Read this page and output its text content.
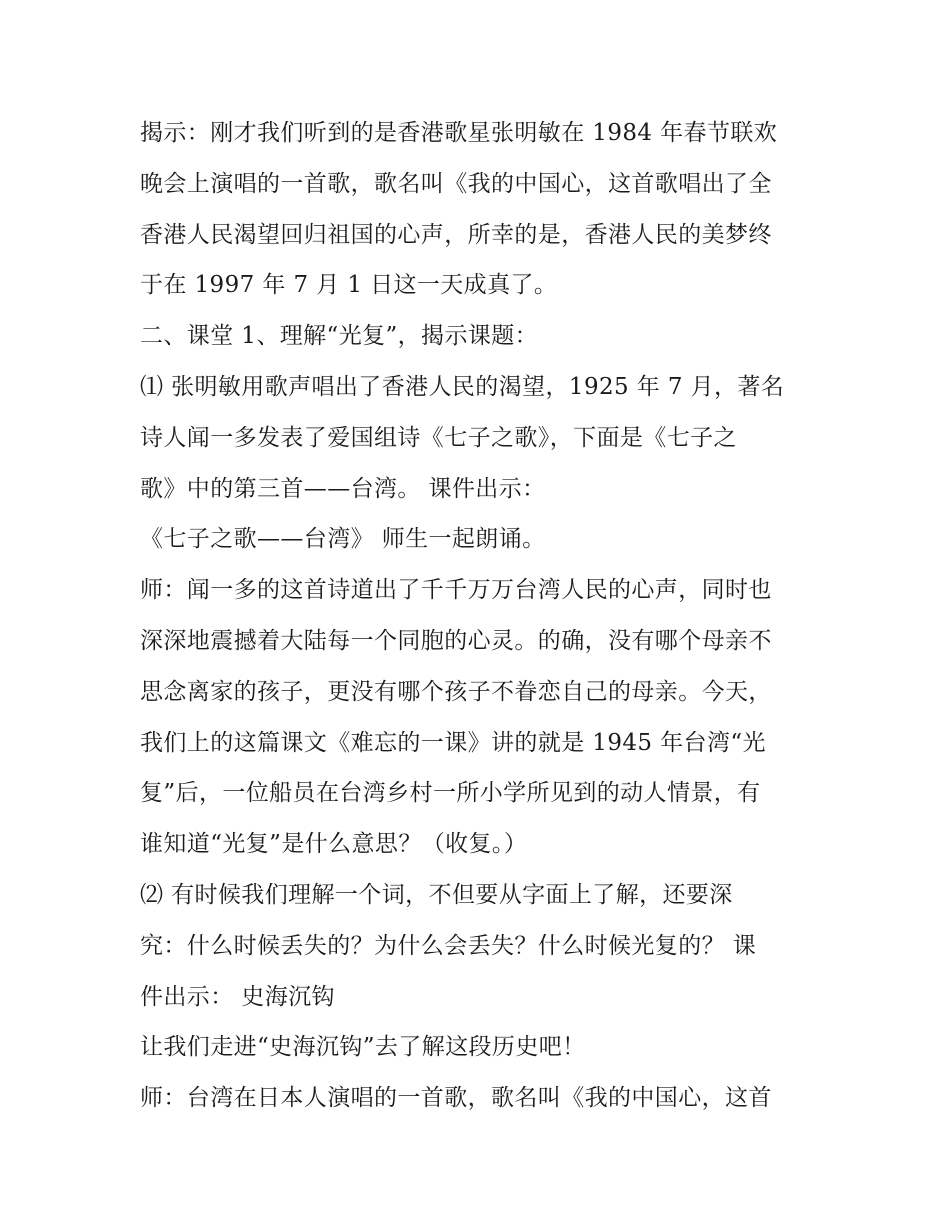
揭示：刚才我们听到的是香港歌星张明敏在 1984 年春节联欢
晚会上演唱的一首歌，歌名叫《我的中国心，这首歌唱出了全
香港人民渴望回归祖国的心声，所幸的是，香港人民的美梦终
于在 1997 年 7 月 1 日这一天成真了。
二、课堂 1、理解“光复”，揭示课题：
⑴ 张明敏用歌声唱出了香港人民的渴望，1925 年 7 月，著名
诗人闻一多发表了爱国组诗《七子之歌》，下面是《七子之
歌》中的第三首——台湾。 课件出示：
《七子之歌——台湾》 师生一起朗诵。
师：闻一多的这首诗道出了千千万万台湾人民的心声，同时也
深深地震撼着大陆每一个同胞的心灵。的确，没有哪个母亲不
思念离家的孩子，更没有哪个孩子不眷恋自己的母亲。今天，
我们上的这篇课文《难忘的一课》讲的就是 1945 年台湾“光
复”后，一位船员在台湾乡村一所小学所见到的动人情景，有
谁知道“光复”是什么意思？（收复。）
⑵ 有时候我们理解一个词，不但要从字面上了解，还要深
究：什么时候丢失的？为什么会丢失？什么时候光复的？ 课
件出示： 史海沉钩
让我们走进“史海沉钩”去了解这段历史吧！
师：台湾在日本人演唱的一首歌，歌名叫《我的中国心，这首
